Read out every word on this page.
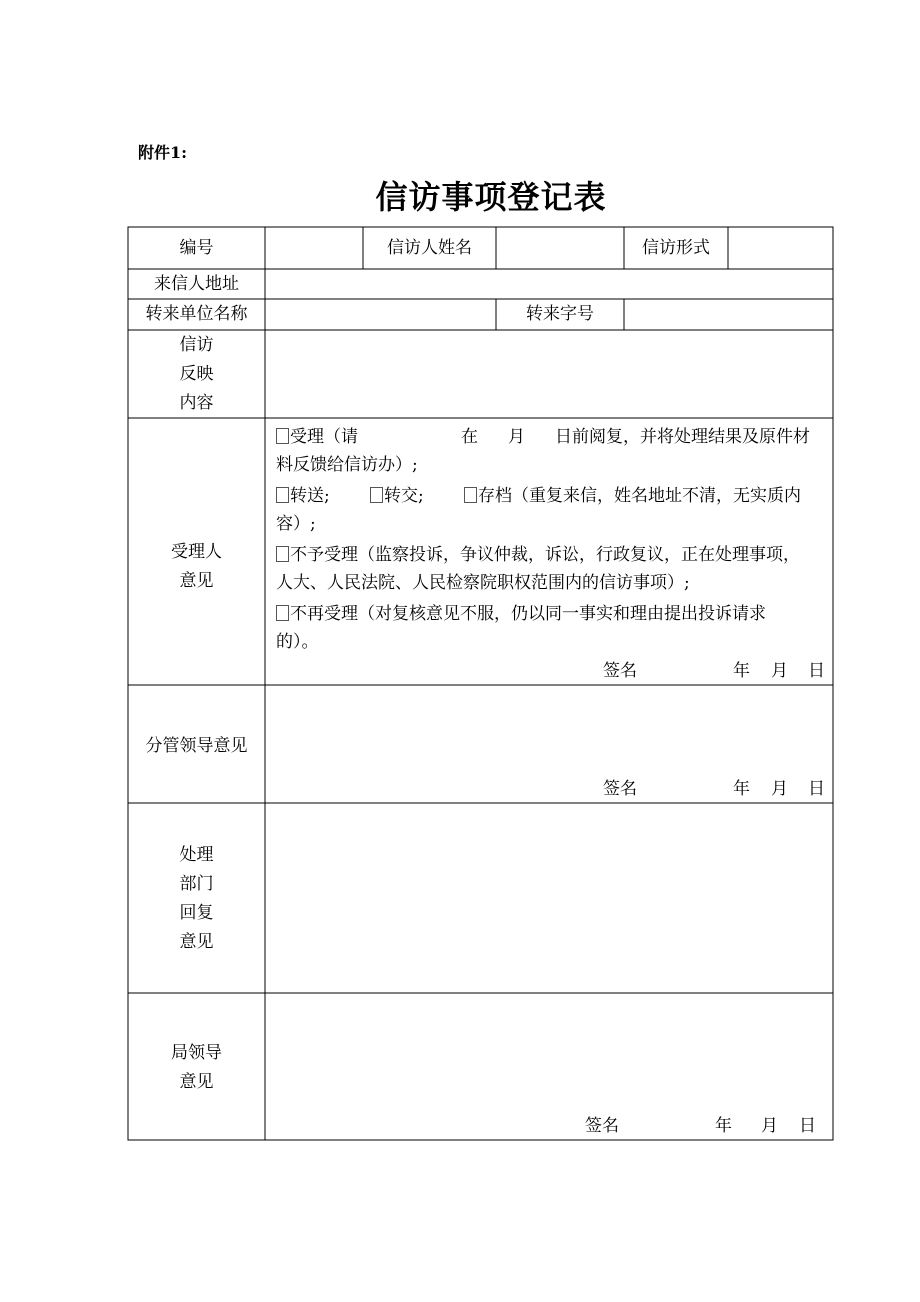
附件1:
信访事项登记表
编号	信访人姓名	信访形式
来信人地址
转来单位名称	转来字号
信访
反映
内容
受理人
意见
受理（请	在 月 日前阅复，并将处理结果及原件材
料反馈给信访办）;
转送;	转交;	存档（重复来信，姓名地址不清，无实质内
容）;
不予受理（监察投诉，争议仲裁，诉讼，行政复议，正在处理事项，
人大、人民法院、人民检察院职权范围内的信访事项）;
不再受理（对复核意见不服，仍以同一事实和理由提出投诉请求
的）。
签名	年 月 日
分管领导意见
签名	年 月 日
处理
部门
回复
意见
局领导
意见
签名	年 月 日
